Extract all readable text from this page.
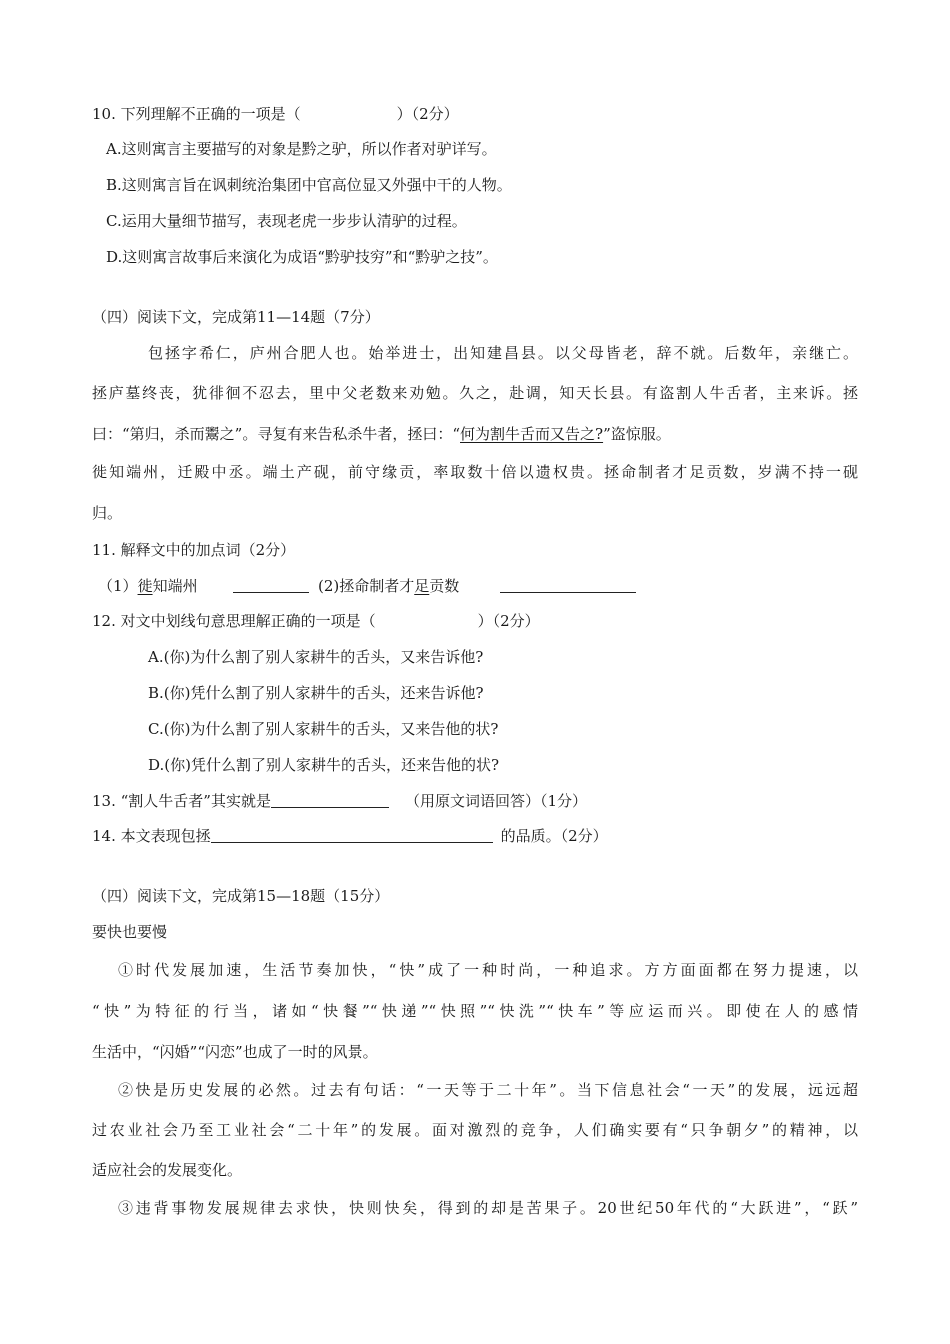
10. 下列理解不正确的一项是（	）（2分）
A.这则寓言主要描写的对象是黔之驴，所以作者对驴详写。
B.这则寓言旨在讽刺统治集团中官高位显又外强中干的人物。
C.运用大量细节描写，表现老虎一步步认清驴的过程。
D.这则寓言故事后来演化为成语“黔驴技穷”和“黔驴之技”。
（四）阅读下文，完成第11—14题（7分）
包拯字希仁，庐州合肥人也。始举进士，出知建昌县。以父母皆老，辞不就。后数年，亲继亡。
拯庐墓终丧，犹徘徊不忍去，里中父老数来劝勉。久之，赴调，知天长县。有盗割人牛舌者，主来诉。拯
曰：“第归，杀而鬻之”。寻复有来告私杀牛者，拯曰：“何为割牛舌而又告之?”盗惊服。
徙知端州，迁殿中丞。端土产砚，前守缘贡，率取数十倍以遗权贵。拯命制者才足贡数，岁满不持一砚
归。
11. 解释文中的加点词（2分）
（1）徙知端州	(2)拯命制者才足贡数
12. 对文中划线句意思理解正确的一项是（	）（2分）
A.(你)为什么割了别人家耕牛的舌头，又来告诉他?
B.(你)凭什么割了别人家耕牛的舌头，还来告诉他?
C.(你)为什么割了别人家耕牛的舌头，又来告他的状?
D.(你)凭什么割了别人家耕牛的舌头，还来告他的状?
13. “割人牛舌者”其实就是	（用原文词语回答）（1分）
14. 本文表现包拯	的品质。（2分）
（四）阅读下文，完成第15—18题（15分）
要快也要慢
①时代发展加速，生活节奏加快，“快”成了一种时尚，一种追求。方方面面都在努力提速，以
“快”为特征的行当，诸如“快餐”“快递”“快照”“快洗”“快车”等应运而兴。即使在人的感情
生活中，“闪婚”“闪恋”也成了一时的风景。
②快是历史发展的必然。过去有句话：“一天等于二十年”。当下信息社会“一天”的发展，远远超
过农业社会乃至工业社会“二十年”的发展。面对激烈的竞争，人们确实要有“只争朝夕”的精神，以
适应社会的发展变化。
③违背事物发展规律去求快，快则快矣，得到的却是苦果子。20世纪50年代的“大跃进”，“跃”
